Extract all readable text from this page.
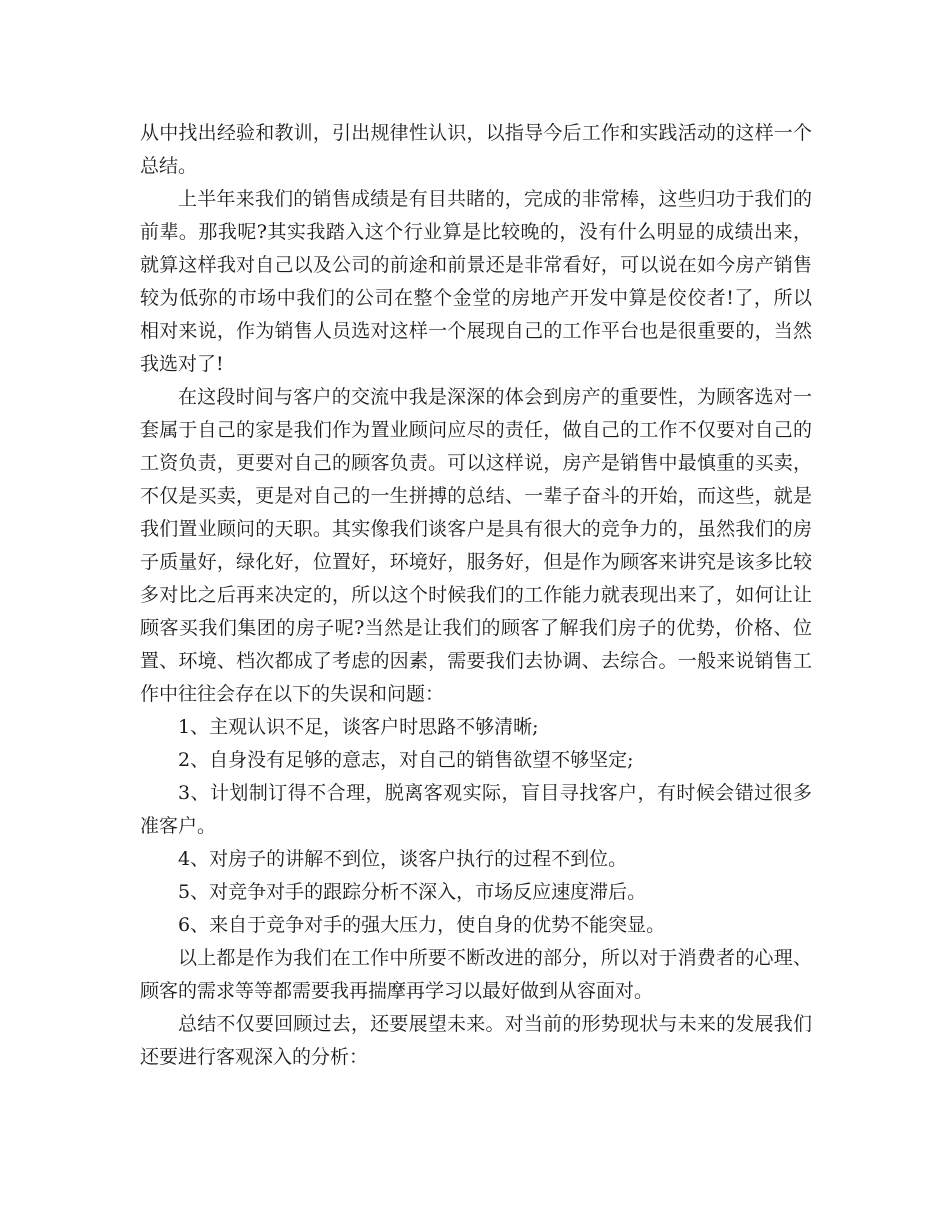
从中找出经验和教训，引出规律性认识，以指导今后工作和实践活动的这样一个总结。

上半年来我们的销售成绩是有目共睹的，完成的非常棒，这些归功于我们的前辈。那我呢?其实我踏入这个行业算是比较晚的，没有什么明显的成绩出来，就算这样我对自己以及公司的前途和前景还是非常看好，可以说在如今房产销售较为低弥的市场中我们的公司在整个金堂的房地产开发中算是佼佼者!了，所以相对来说，作为销售人员选对这样一个展现自己的工作平台也是很重要的，当然我选对了!

在这段时间与客户的交流中我是深深的体会到房产的重要性，为顾客选对一套属于自己的家是我们作为置业顾问应尽的责任，做自己的工作不仅要对自己的工资负责，更要对自己的顾客负责。可以这样说，房产是销售中最慎重的买卖，不仅是买卖，更是对自己的一生拼搏的总结、一辈子奋斗的开始，而这些，就是我们置业顾问的天职。其实像我们谈客户是具有很大的竞争力的，虽然我们的房子质量好，绿化好，位置好，环境好，服务好，但是作为顾客来讲究是该多比较多对比之后再来决定的，所以这个时候我们的工作能力就表现出来了，如何让让顾客买我们集团的房子呢?当然是让我们的顾客了解我们房子的优势，价格、位置、环境、档次都成了考虑的因素，需要我们去协调、去综合。一般来说销售工作中往往会存在以下的失误和问题：

1、主观认识不足，谈客户时思路不够清晰;

2、自身没有足够的意志，对自己的销售欲望不够坚定;

3、计划制订得不合理，脱离客观实际，盲目寻找客户，有时候会错过很多准客户。

4、对房子的讲解不到位，谈客户执行的过程不到位。

5、对竞争对手的跟踪分析不深入，市场反应速度滞后。

6、来自于竞争对手的强大压力，使自身的优势不能突显。

以上都是作为我们在工作中所要不断改进的部分，所以对于消费者的心理、顾客的需求等等都需要我再揣摩再学习以最好做到从容面对。

总结不仅要回顾过去，还要展望未来。对当前的形势现状与未来的发展我们还要进行客观深入的分析：
